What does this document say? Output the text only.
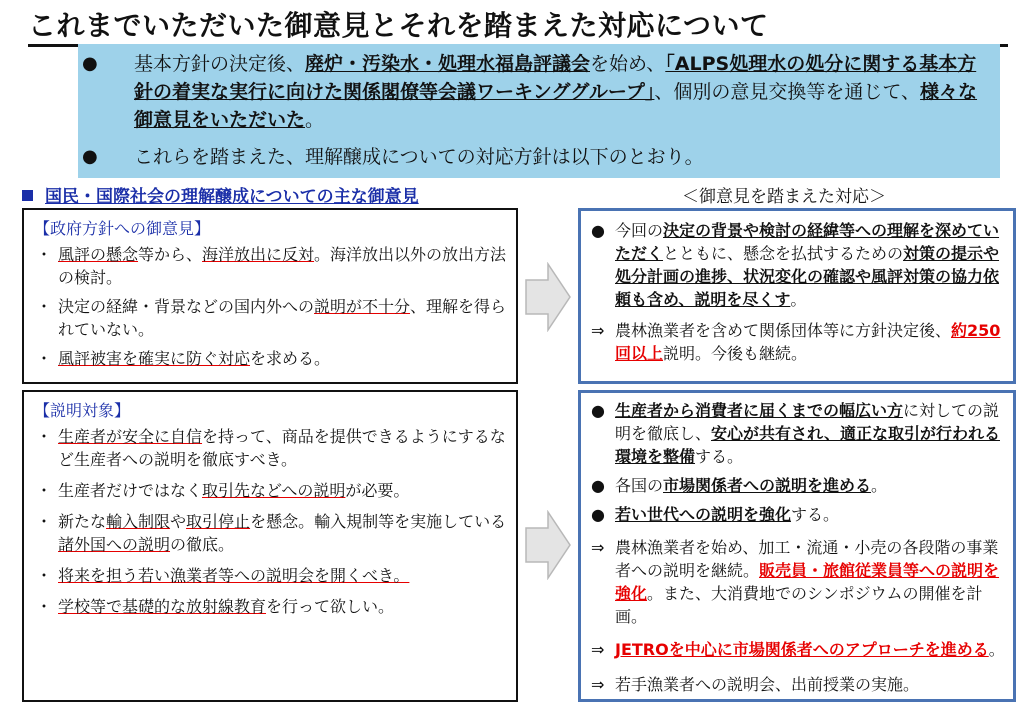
これまでいただいた御意見とそれを踏まえた対応について
●	基本方針の決定後、廃炉・汚染水・処理水福島評議会を始め、「ALPS処理水の処分に関する基本方針の着実な実行に向けた関係閣僚等会議ワーキンググループ」、個別の意見交換等を通じて、様々な御意見をいただいた。
●	これらを踏まえた、理解醸成についての対応方針は以下のとおり。
国民・国際社会の理解醸成についての主な御意見	＜御意見を踏まえた対応＞
【政府方針への御意見】
・ 風評の懸念等から、海洋放出に反対。海洋放出以外の放出方法の検討。
・ 決定の経緯・背景などの国内外への説明が不十分、理解を得られていない。
・ 風評被害を確実に防ぐ対応を求める。
【説明対象】
・ 生産者が安全に自信を持って、商品を提供できるようにするなど生産者への説明を徹底すべき。
・ 生産者だけではなく取引先などへの説明が必要。
・ 新たな輸入制限や取引停止を懸念。輸入規制等を実施している諸外国への説明の徹底。
・ 将来を担う若い漁業者等への説明会を開くべき。
・ 学校等で基礎的な放射線教育を行って欲しい。
● 今回の決定の背景や検討の経緯等への理解を深めていただくとともに、懸念を払拭するための対策の提示や処分計画の進捗、状況変化の確認や風評対策の協力依頼も含め、説明を尽くす。
⇒ 農林漁業者を含めて関係団体等に方針決定後、約250回以上説明。今後も継続。
● 生産者から消費者に届くまでの幅広い方に対しての説明を徹底し、安心が共有され、適正な取引が行われる環境を整備する。
● 各国の市場関係者への説明を進める。
● 若い世代への説明を強化する。
⇒ 農林漁業者を始め、加工・流通・小売の各段階の事業者への説明を継続。販売員・旅館従業員等への説明を強化。また、大消費地でのシンポジウムの開催を計画。
⇒ JETROを中心に市場関係者へのアプローチを進める。
⇒ 若手漁業者への説明会、出前授業の実施。
